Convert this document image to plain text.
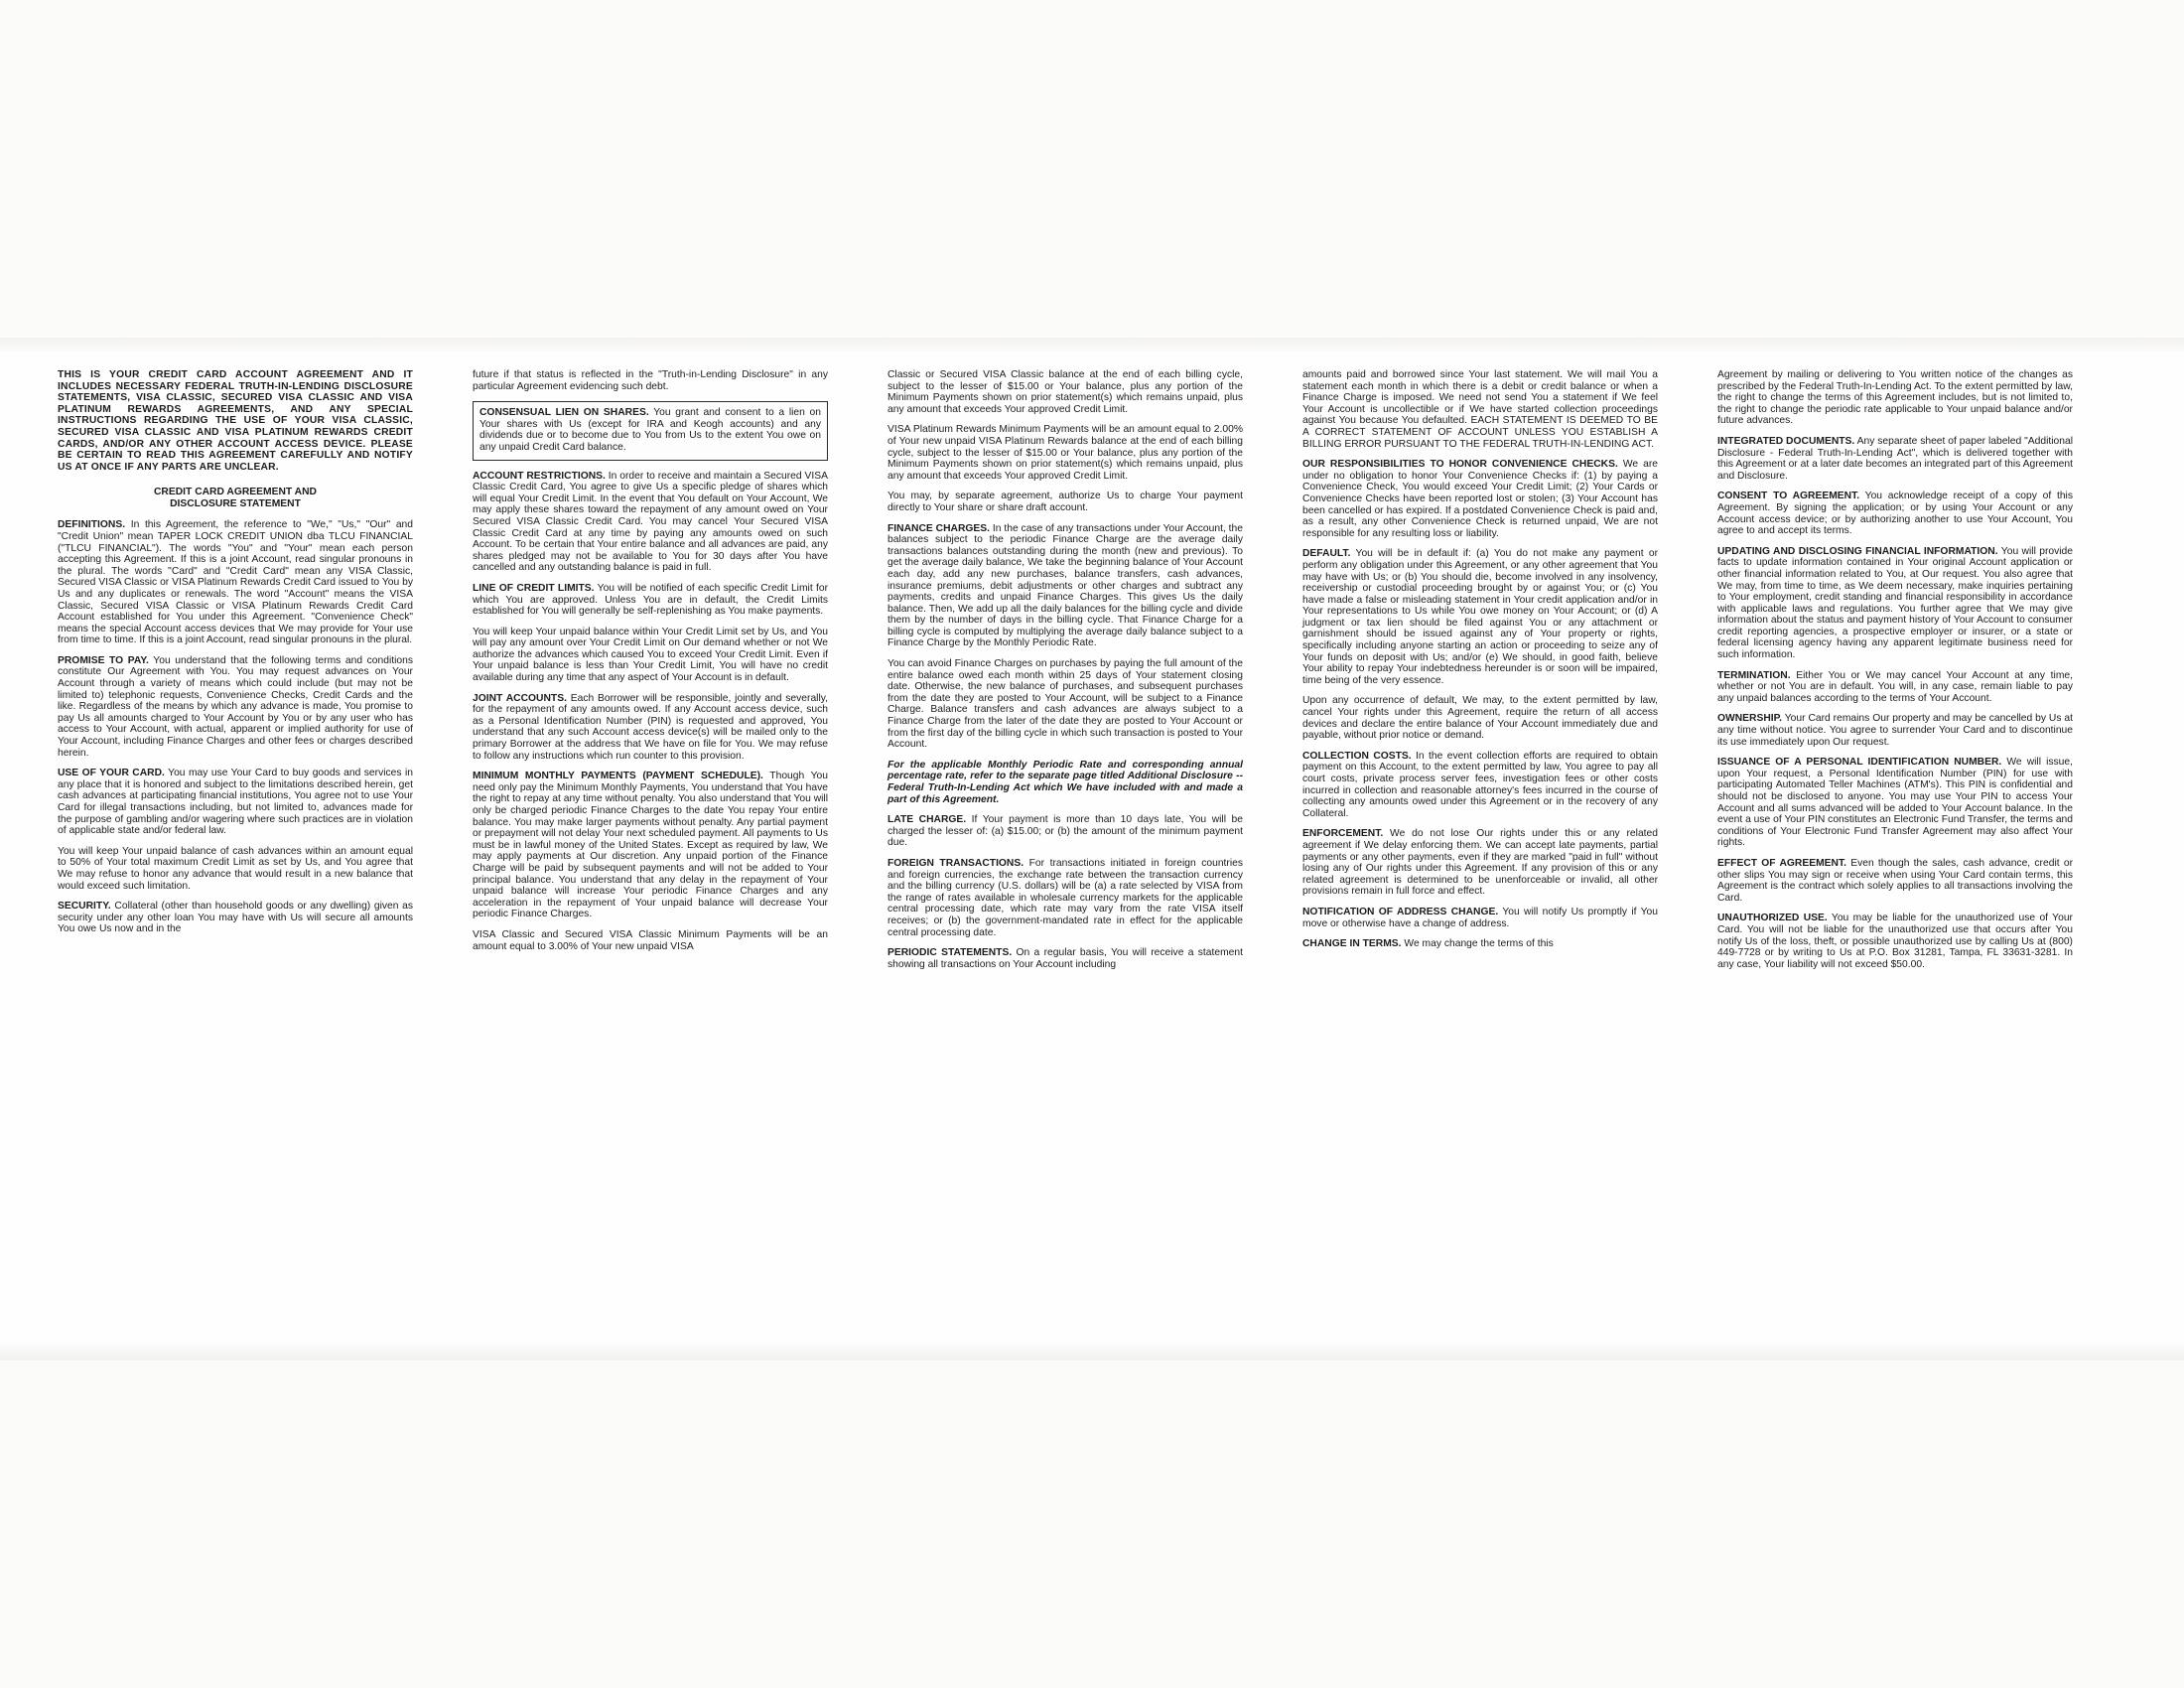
THIS IS YOUR CREDIT CARD ACCOUNT AGREEMENT AND IT INCLUDES NECESSARY FEDERAL TRUTH-IN-LENDING DISCLOSURE STATEMENTS, VISA CLASSIC, SECURED VISA CLASSIC AND VISA PLATINUM REWARDS AGREEMENTS, AND ANY SPECIAL INSTRUCTIONS REGARDING THE USE OF YOUR VISA CLASSIC, SECURED VISA CLASSIC AND VISA PLATINUM REWARDS CREDIT CARDS, AND/OR ANY OTHER ACCOUNT ACCESS DEVICE. PLEASE BE CERTAIN TO READ THIS AGREEMENT CAREFULLY AND NOTIFY US AT ONCE IF ANY PARTS ARE UNCLEAR.

CREDIT CARD AGREEMENT AND
DISCLOSURE STATEMENT

DEFINITIONS. In this Agreement, the reference to "We," "Us," "Our" and "Credit Union" mean TAPER LOCK CREDIT UNION dba TLCU FINANCIAL ("TLCU FINANCIAL"). The words "You" and "Your" mean each person accepting this Agreement. If this is a joint Account, read singular pronouns in the plural. The words "Card" and "Credit Card" mean any VISA Classic, Secured VISA Classic or VISA Platinum Rewards Credit Card issued to You by Us and any duplicates or renewals. The word "Account" means the VISA Classic, Secured VISA Classic or VISA Platinum Rewards Credit Card Account established for You under this Agreement. "Convenience Check" means the special Account access devices that We may provide for Your use from time to time. If this is a joint Account, read singular pronouns in the plural.

PROMISE TO PAY. You understand that the following terms and conditions constitute Our Agreement with You. You may request advances on Your Account through a variety of means which could include (but may not be limited to) telephonic requests, Convenience Checks, Credit Cards and the like. Regardless of the means by which any advance is made, You promise to pay Us all amounts charged to Your Account by You or by any user who has access to Your Account, with actual, apparent or implied authority for use of Your Account, including Finance Charges and other fees or charges described herein.

USE OF YOUR CARD. You may use Your Card to buy goods and services in any place that it is honored and subject to the limitations described herein, get cash advances at participating financial institutions, You agree not to use Your Card for illegal transactions including, but not limited to, advances made for the purpose of gambling and/or wagering where such practices are in violation of applicable state and/or federal law.

You will keep Your unpaid balance of cash advances within an amount equal to 50% of Your total maximum Credit Limit as set by Us, and You agree that We may refuse to honor any advance that would result in a new balance that would exceed such limitation.

SECURITY. Collateral (other than household goods or any dwelling) given as security under any other loan You may have with Us will secure all amounts You owe Us now and in the

future if that status is reflected in the "Truth-in-Lending Disclosure" in any particular Agreement evidencing such debt.

CONSENSUAL LIEN ON SHARES. You grant and consent to a lien on Your shares with Us (except for IRA and Keogh accounts) and any dividends due or to become due to You from Us to the extent You owe on any unpaid Credit Card balance.

ACCOUNT RESTRICTIONS. In order to receive and maintain a Secured VISA Classic Credit Card, You agree to give Us a specific pledge of shares which will equal Your Credit Limit. In the event that You default on Your Account, We may apply these shares toward the repayment of any amount owed on Your Secured VISA Classic Credit Card. You may cancel Your Secured VISA Classic Credit Card at any time by paying any amounts owed on such Account. To be certain that Your entire balance and all advances are paid, any shares pledged may not be available to You for 30 days after You have cancelled and any outstanding balance is paid in full.

LINE OF CREDIT LIMITS. You will be notified of each specific Credit Limit for which You are approved. Unless You are in default, the Credit Limits established for You will generally be self-replenishing as You make payments.

You will keep Your unpaid balance within Your Credit Limit set by Us, and You will pay any amount over Your Credit Limit on Our demand whether or not We authorize the advances which caused You to exceed Your Credit Limit. Even if Your unpaid balance is less than Your Credit Limit, You will have no credit available during any time that any aspect of Your Account is in default.

JOINT ACCOUNTS. Each Borrower will be responsible, jointly and severally, for the repayment of any amounts owed. If any Account access device, such as a Personal Identification Number (PIN) is requested and approved, You understand that any such Account access device(s) will be mailed only to the primary Borrower at the address that We have on file for You. We may refuse to follow any instructions which run counter to this provision.

MINIMUM MONTHLY PAYMENTS (PAYMENT SCHEDULE). Though You need only pay the Minimum Monthly Payments, You understand that You have the right to repay at any time without penalty. You also understand that You will only be charged periodic Finance Charges to the date You repay Your entire balance. You may make larger payments without penalty. Any partial payment or prepayment will not delay Your next scheduled payment. All payments to Us must be in lawful money of the United States. Except as required by law, We may apply payments at Our discretion. Any unpaid portion of the Finance Charge will be paid by subsequent payments and will not be added to Your principal balance. You understand that any delay in the repayment of Your unpaid balance will increase Your periodic Finance Charges and any acceleration in the repayment of Your unpaid balance will decrease Your periodic Finance Charges.

VISA Classic and Secured VISA Classic Minimum Payments will be an amount equal to 3.00% of Your new unpaid VISA

Classic or Secured VISA Classic balance at the end of each billing cycle, subject to the lesser of $15.00 or Your balance, plus any portion of the Minimum Payments shown on prior statement(s) which remains unpaid, plus any amount that exceeds Your approved Credit Limit.

VISA Platinum Rewards Minimum Payments will be an amount equal to 2.00% of Your new unpaid VISA Platinum Rewards balance at the end of each billing cycle, subject to the lesser of $15.00 or Your balance, plus any portion of the Minimum Payments shown on prior statement(s) which remains unpaid, plus any amount that exceeds Your approved Credit Limit.

You may, by separate agreement, authorize Us to charge Your payment directly to Your share or share draft account.

FINANCE CHARGES. In the case of any transactions under Your Account, the balances subject to the periodic Finance Charge are the average daily transactions balances outstanding during the month (new and previous). To get the average daily balance, We take the beginning balance of Your Account each day, add any new purchases, balance transfers, cash advances, insurance premiums, debit adjustments or other charges and subtract any payments, credits and unpaid Finance Charges. This gives Us the daily balance. Then, We add up all the daily balances for the billing cycle and divide them by the number of days in the billing cycle. That Finance Charge for a billing cycle is computed by multiplying the average daily balance subject to a Finance Charge by the Monthly Periodic Rate.

You can avoid Finance Charges on purchases by paying the full amount of the entire balance owed each month within 25 days of Your statement closing date. Otherwise, the new balance of purchases, and subsequent purchases from the date they are posted to Your Account, will be subject to a Finance Charge. Balance transfers and cash advances are always subject to a Finance Charge from the later of the date they are posted to Your Account or from the first day of the billing cycle in which such transaction is posted to Your Account.

For the applicable Monthly Periodic Rate and corresponding annual percentage rate, refer to the separate page titled Additional Disclosure -- Federal Truth-In-Lending Act which We have included with and made a part of this Agreement.

LATE CHARGE. If Your payment is more than 10 days late, You will be charged the lesser of: (a) $15.00; or (b) the amount of the minimum payment due.

FOREIGN TRANSACTIONS. For transactions initiated in foreign countries and foreign currencies, the exchange rate between the transaction currency and the billing currency (U.S. dollars) will be (a) a rate selected by VISA from the range of rates available in wholesale currency markets for the applicable central processing date, which rate may vary from the rate VISA itself receives; or (b) the government-mandated rate in effect for the applicable central processing date.

PERIODIC STATEMENTS. On a regular basis, You will receive a statement showing all transactions on Your Account including

amounts paid and borrowed since Your last statement. We will mail You a statement each month in which there is a debit or credit balance or when a Finance Charge is imposed. We need not send You a statement if We feel Your Account is uncollectible or if We have started collection proceedings against You because You defaulted. EACH STATEMENT IS DEEMED TO BE A CORRECT STATEMENT OF ACCOUNT UNLESS YOU ESTABLISH A BILLING ERROR PURSUANT TO THE FEDERAL TRUTH-IN-LENDING ACT.

OUR RESPONSIBILITIES TO HONOR CONVENIENCE CHECKS. We are under no obligation to honor Your Convenience Checks if: (1) by paying a Convenience Check, You would exceed Your Credit Limit; (2) Your Cards or Convenience Checks have been reported lost or stolen; (3) Your Account has been cancelled or has expired. If a postdated Convenience Check is paid and, as a result, any other Convenience Check is returned unpaid, We are not responsible for any resulting loss or liability.

DEFAULT. You will be in default if: (a) You do not make any payment or perform any obligation under this Agreement, or any other agreement that You may have with Us; or (b) You should die, become involved in any insolvency, receivership or custodial proceeding brought by or against You; or (c) You have made a false or misleading statement in Your credit application and/or in Your representations to Us while You owe money on Your Account; or (d) A judgment or tax lien should be filed against You or any attachment or garnishment should be issued against any of Your property or rights, specifically including anyone starting an action or proceeding to seize any of Your funds on deposit with Us; and/or (e) We should, in good faith, believe Your ability to repay Your indebtedness hereunder is or soon will be impaired, time being of the very essence.

Upon any occurrence of default, We may, to the extent permitted by law, cancel Your rights under this Agreement, require the return of all access devices and declare the entire balance of Your Account immediately due and payable, without prior notice or demand.

COLLECTION COSTS. In the event collection efforts are required to obtain payment on this Account, to the extent permitted by law, You agree to pay all court costs, private process server fees, investigation fees or other costs incurred in collection and reasonable attorney's fees incurred in the course of collecting any amounts owed under this Agreement or in the recovery of any Collateral.

ENFORCEMENT. We do not lose Our rights under this or any related agreement if We delay enforcing them. We can accept late payments, partial payments or any other payments, even if they are marked "paid in full" without losing any of Our rights under this Agreement. If any provision of this or any related agreement is determined to be unenforceable or invalid, all other provisions remain in full force and effect.

NOTIFICATION OF ADDRESS CHANGE. You will notify Us promptly if You move or otherwise have a change of address.

CHANGE IN TERMS. We may change the terms of this

Agreement by mailing or delivering to You written notice of the changes as prescribed by the Federal Truth-In-Lending Act. To the extent permitted by law, the right to change the terms of this Agreement includes, but is not limited to, the right to change the periodic rate applicable to Your unpaid balance and/or future advances.

INTEGRATED DOCUMENTS. Any separate sheet of paper labeled "Additional Disclosure - Federal Truth-In-Lending Act", which is delivered together with this Agreement or at a later date becomes an integrated part of this Agreement and Disclosure.

CONSENT TO AGREEMENT. You acknowledge receipt of a copy of this Agreement. By signing the application; or by using Your Account or any Account access device; or by authorizing another to use Your Account, You agree to and accept its terms.

UPDATING AND DISCLOSING FINANCIAL INFORMATION. You will provide facts to update information contained in Your original Account application or other financial information related to You, at Our request. You also agree that We may, from time to time, as We deem necessary, make inquiries pertaining to Your employment, credit standing and financial responsibility in accordance with applicable laws and regulations. You further agree that We may give information about the status and payment history of Your Account to consumer credit reporting agencies, a prospective employer or insurer, or a state or federal licensing agency having any apparent legitimate business need for such information.

TERMINATION. Either You or We may cancel Your Account at any time, whether or not You are in default. You will, in any case, remain liable to pay any unpaid balances according to the terms of Your Account.

OWNERSHIP. Your Card remains Our property and may be cancelled by Us at any time without notice. You agree to surrender Your Card and to discontinue its use immediately upon Our request.

ISSUANCE OF A PERSONAL IDENTIFICATION NUMBER. We will issue, upon Your request, a Personal Identification Number (PIN) for use with participating Automated Teller Machines (ATM's). This PIN is confidential and should not be disclosed to anyone. You may use Your PIN to access Your Account and all sums advanced will be added to Your Account balance. In the event a use of Your PIN constitutes an Electronic Fund Transfer, the terms and conditions of Your Electronic Fund Transfer Agreement may also affect Your rights.

EFFECT OF AGREEMENT. Even though the sales, cash advance, credit or other slips You may sign or receive when using Your Card contain terms, this Agreement is the contract which solely applies to all transactions involving the Card.

UNAUTHORIZED USE. You may be liable for the unauthorized use of Your Card. You will not be liable for the unauthorized use that occurs after You notify Us of the loss, theft, or possible unauthorized use by calling Us at (800) 449-7728 or by writing to Us at P.O. Box 31281, Tampa, FL 33631-3281. In any case, Your liability will not exceed $50.00.
